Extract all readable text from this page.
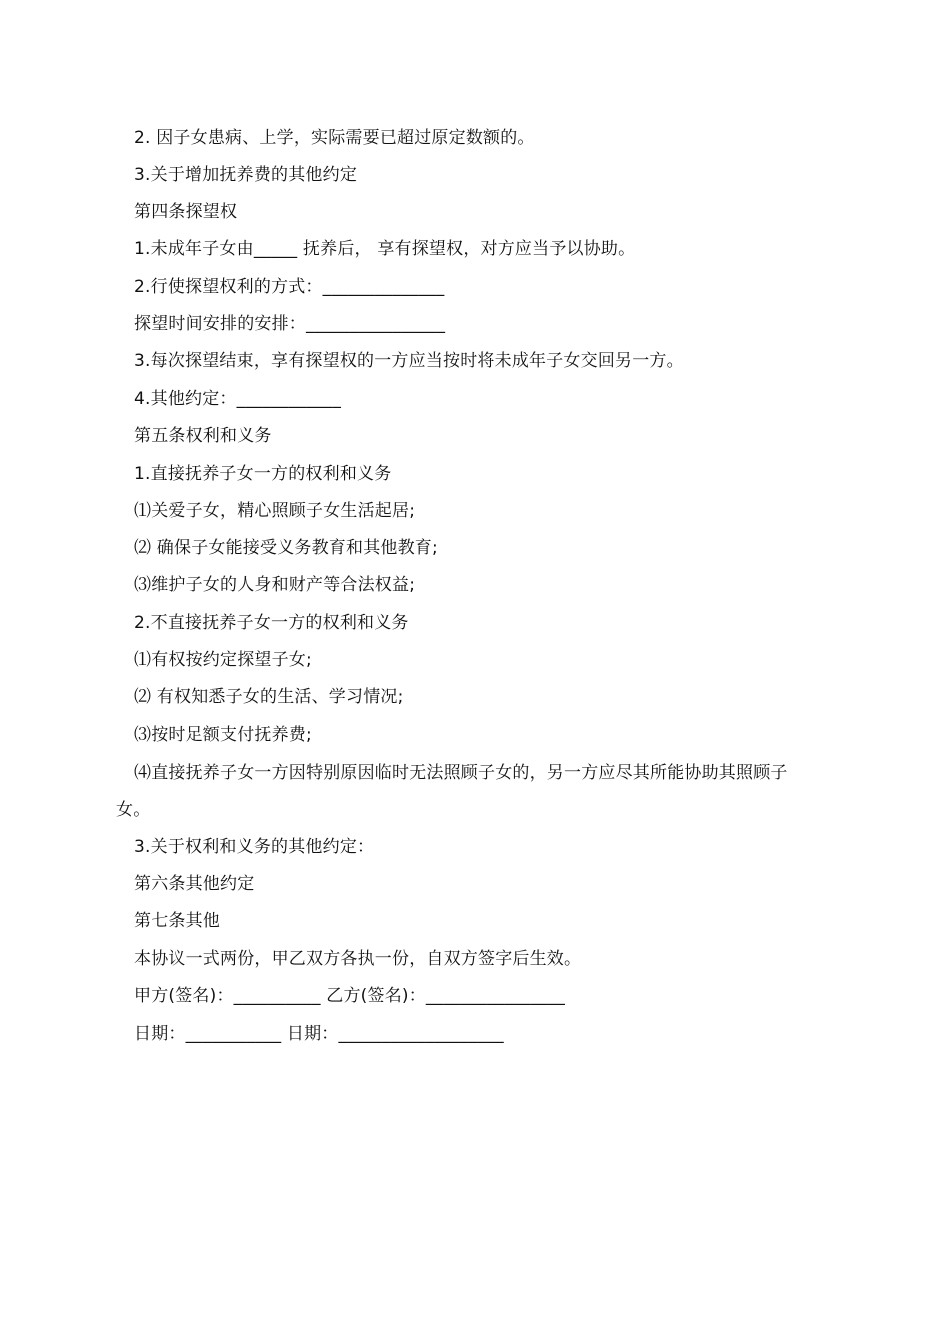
2. 因子女患病、上学，实际需要已超过原定数额的。
3.关于增加抚养费的其他约定
第四条探望权
1.未成年子女由_____ 抚养后， 享有探望权，对方应当予以协助。
2.行使探望权利的方式：______________
探望时间安排的安排：________________
3.每次探望结束，享有探望权的一方应当按时将未成年子女交回另一方。
4.其他约定：____________
第五条权利和义务
1.直接抚养子女一方的权利和义务
⑴关爱子女，精心照顾子女生活起居;
⑵ 确保子女能接受义务教育和其他教育;
⑶维护子女的人身和财产等合法权益;
2.不直接抚养子女一方的权利和义务
⑴有权按约定探望子女;
⑵ 有权知悉子女的生活、学习情况;
⑶按时足额支付抚养费;
⑷直接抚养子女一方因特别原因临时无法照顾子女的，另一方应尽其所能协助其照顾子女。
3.关于权利和义务的其他约定：
第六条其他约定
第七条其他
本协议一式两份，甲乙双方各执一份，自双方签字后生效。
甲方(签名)：__________ 乙方(签名)：________________
日期：___________ 日期：___________________
